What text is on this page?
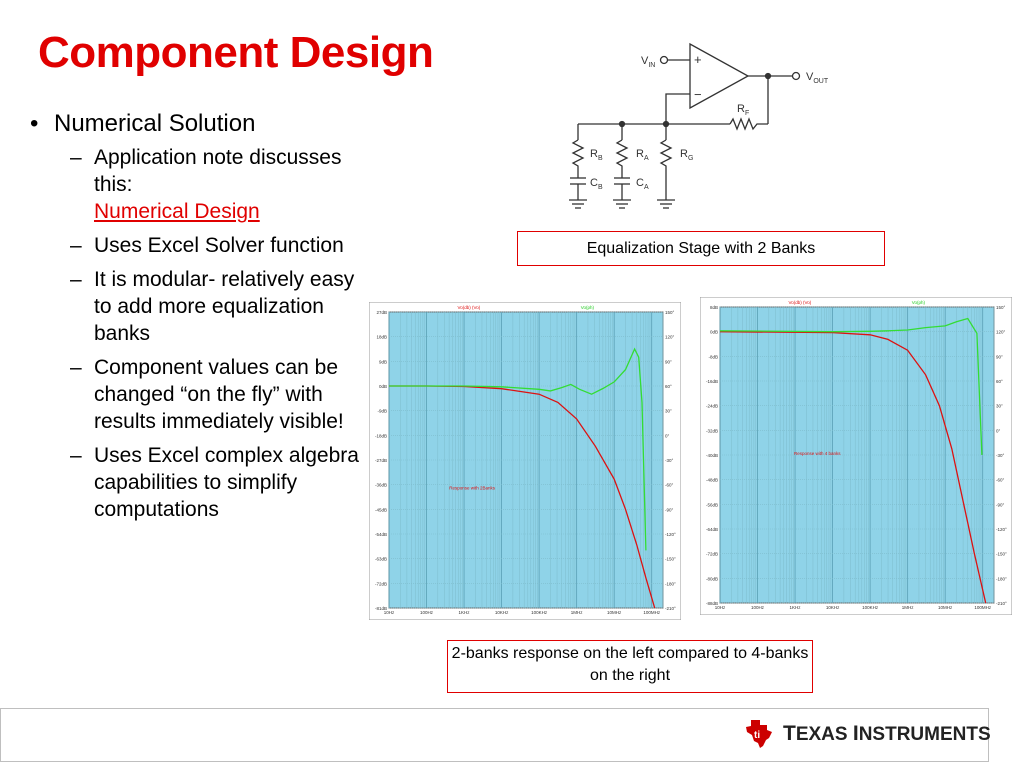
Component Design
• Numerical Solution
– Application note discusses this:
Numerical Design
– Uses Excel Solver function
– It is modular- relatively easy to add more equalization banks
– Component values can be changed “on the fly” with results immediately visible!
– Uses Excel complex algebra capabilities to simplify computations
$V_{IN}$	+
−
$V_{OUT}$
$R_F$
$R_B$
$C_B$
$R_A$
$C_A$
$R_G$
Equalization Stage with 2 Banks
27dB	150°
18dB	120°
9dB	90°
0dB	60°
-9dB	30°
-18dB	0°
-27dB	-30°
-36dB	-60°
-45dB	-90°
-54dB	-120°
-63dB	-150°
-72dB	-180°
-81dB	-210°
10Hz	100Hz	1KHz	10KHz	100KHz	1MHz	10MHz	100MHz
Vo(db) (Vo)	Vo(ph)
Response with 2Banks
8dB	150°
0dB	120°
-8dB	90°
-16dB	60°
-24dB	30°
-32dB	0°
-40dB	-30°
-48dB	-60°
-56dB	-90°
-64dB	-120°
-72dB	-150°
-80dB	-180°
-88dB	-210°
10Hz	100Hz	1KHz	10KHz	100KHz	1MHz	10MHz	100MHz
Vo(db) (Vo)	Vo(ph)
Response with 4 banks
2-banks response on the left compared to 4-banks on the right
ti TEXAS INSTRUMENTS
